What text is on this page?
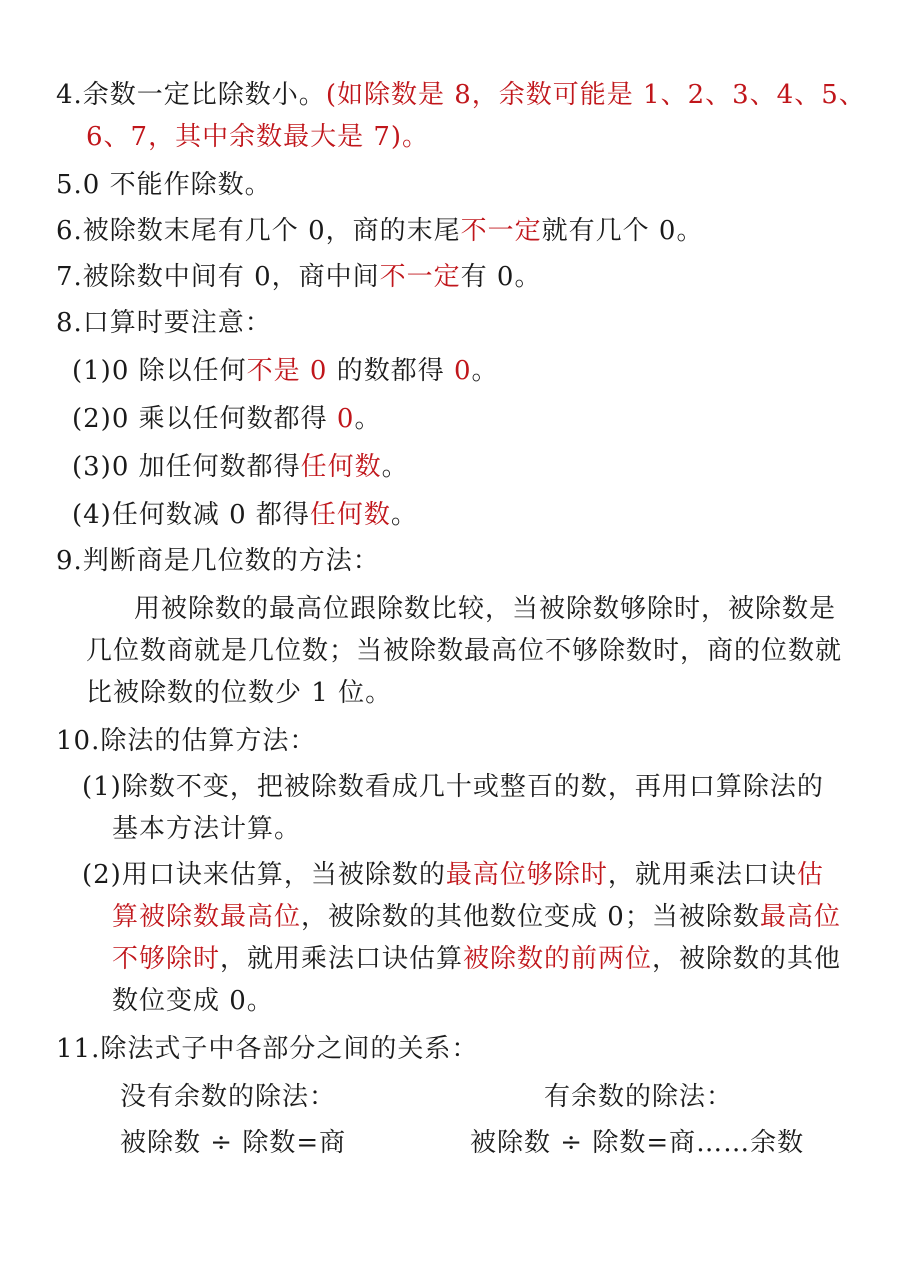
4.余数一定比除数小。(如除数是 8，余数可能是 1、2、3、4、5、
6、7，其中余数最大是 7)。
5.0 不能作除数。
6.被除数末尾有几个 0，商的末尾不一定就有几个 0。
7.被除数中间有 0，商中间不一定有 0。
8.口算时要注意：
(1)0 除以任何不是 0 的数都得 0。
(2)0 乘以任何数都得 0。
(3)0 加任何数都得任何数。
(4)任何数减 0 都得任何数。
9.判断商是几位数的方法：
用被除数的最高位跟除数比较，当被除数够除时，被除数是
几位数商就是几位数；当被除数最高位不够除数时，商的位数就
比被除数的位数少 1 位。
10.除法的估算方法：
(1)除数不变，把被除数看成几十或整百的数，再用口算除法的
基本方法计算。
(2)用口诀来估算，当被除数的最高位够除时，就用乘法口诀估
算被除数最高位，被除数的其他数位变成 0；当被除数最高位
不够除时，就用乘法口诀估算被除数的前两位，被除数的其他
数位变成 0。
11.除法式子中各部分之间的关系：
没有余数的除法：	有余数的除法：
被除数 ÷ 除数=商	被除数 ÷ 除数=商……余数
